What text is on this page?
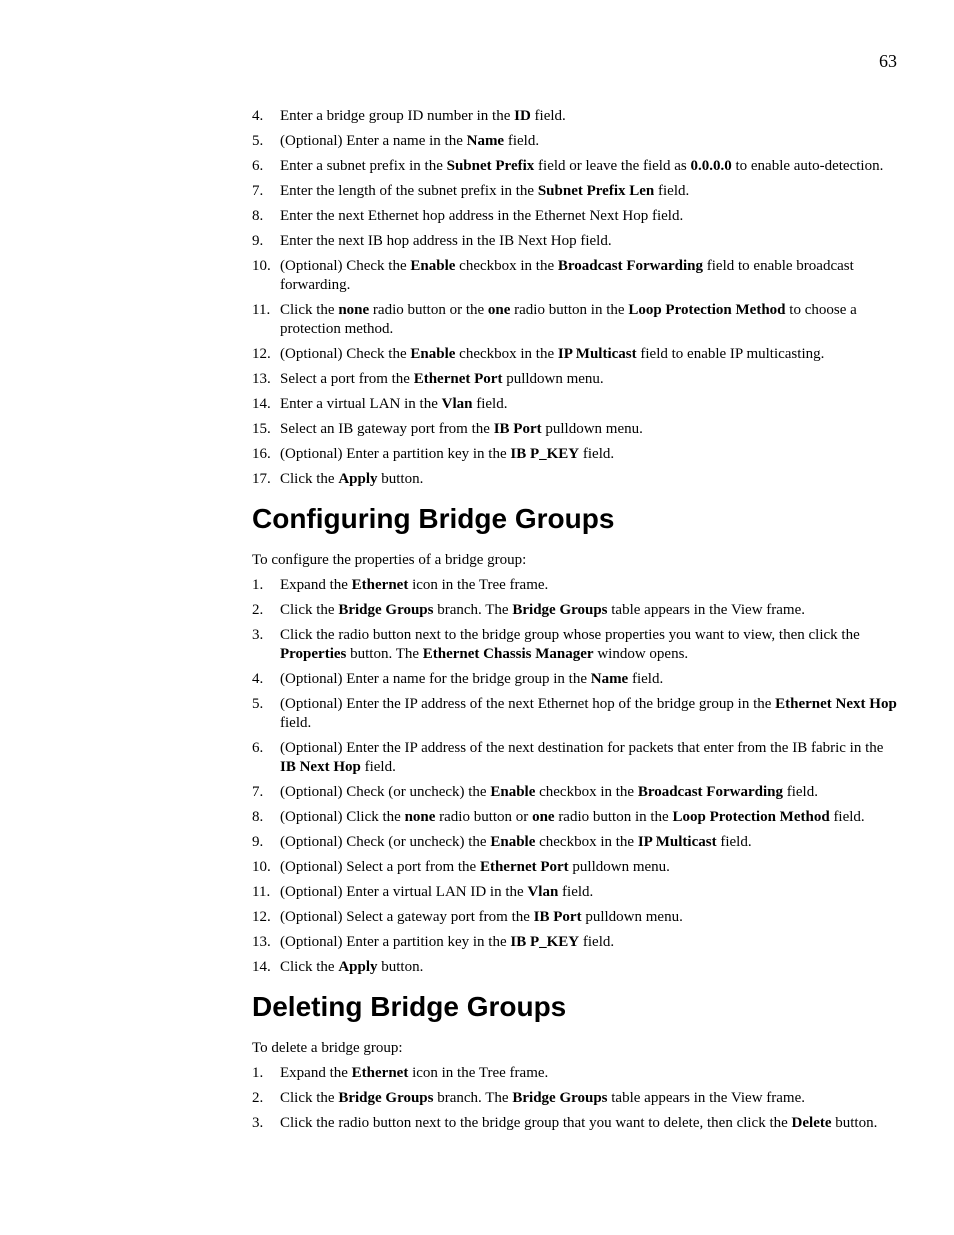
63
4.	Enter a bridge group ID number in the ID field.
5.	(Optional) Enter a name in the Name field.
6.	Enter a subnet prefix in the Subnet Prefix field or leave the field as 0.0.0.0 to enable auto-detection.
7.	Enter the length of the subnet prefix in the Subnet Prefix Len field.
8.	Enter the next Ethernet hop address in the Ethernet Next Hop field.
9.	Enter the next IB hop address in the IB Next Hop field.
10. (Optional) Check the Enable checkbox in the Broadcast Forwarding field to enable broadcast forwarding.
11. Click the none radio button or the one radio button in the Loop Protection Method to choose a protection method.
12. (Optional) Check the Enable checkbox in the IP Multicast field to enable IP multicasting.
13. Select a port from the Ethernet Port pulldown menu.
14. Enter a virtual LAN in the Vlan field.
15. Select an IB gateway port from the IB Port pulldown menu.
16. (Optional) Enter a partition key in the IB P_KEY field.
17. Click the Apply button.
Configuring Bridge Groups
To configure the properties of a bridge group:
1.	Expand the Ethernet icon in the Tree frame.
2.	Click the Bridge Groups branch. The Bridge Groups table appears in the View frame.
3.	Click the radio button next to the bridge group whose properties you want to view, then click the Properties button. The Ethernet Chassis Manager window opens.
4.	(Optional) Enter a name for the bridge group in the Name field.
5.	(Optional) Enter the IP address of the next Ethernet hop of the bridge group in the Ethernet Next Hop field.
6.	(Optional) Enter the IP address of the next destination for packets that enter from the IB fabric in the IB Next Hop field.
7.	(Optional) Check (or uncheck) the Enable checkbox in the Broadcast Forwarding field.
8.	(Optional) Click the none radio button or one radio button in the Loop Protection Method field.
9.	(Optional) Check (or uncheck) the Enable checkbox in the IP Multicast field.
10. (Optional) Select a port from the Ethernet Port pulldown menu.
11. (Optional) Enter a virtual LAN ID in the Vlan field.
12. (Optional) Select a gateway port from the IB Port pulldown menu.
13. (Optional) Enter a partition key in the IB P_KEY field.
14. Click the Apply button.
Deleting Bridge Groups
To delete a bridge group:
1.	Expand the Ethernet icon in the Tree frame.
2.	Click the Bridge Groups branch. The Bridge Groups table appears in the View frame.
3.	Click the radio button next to the bridge group that you want to delete, then click the Delete button.
